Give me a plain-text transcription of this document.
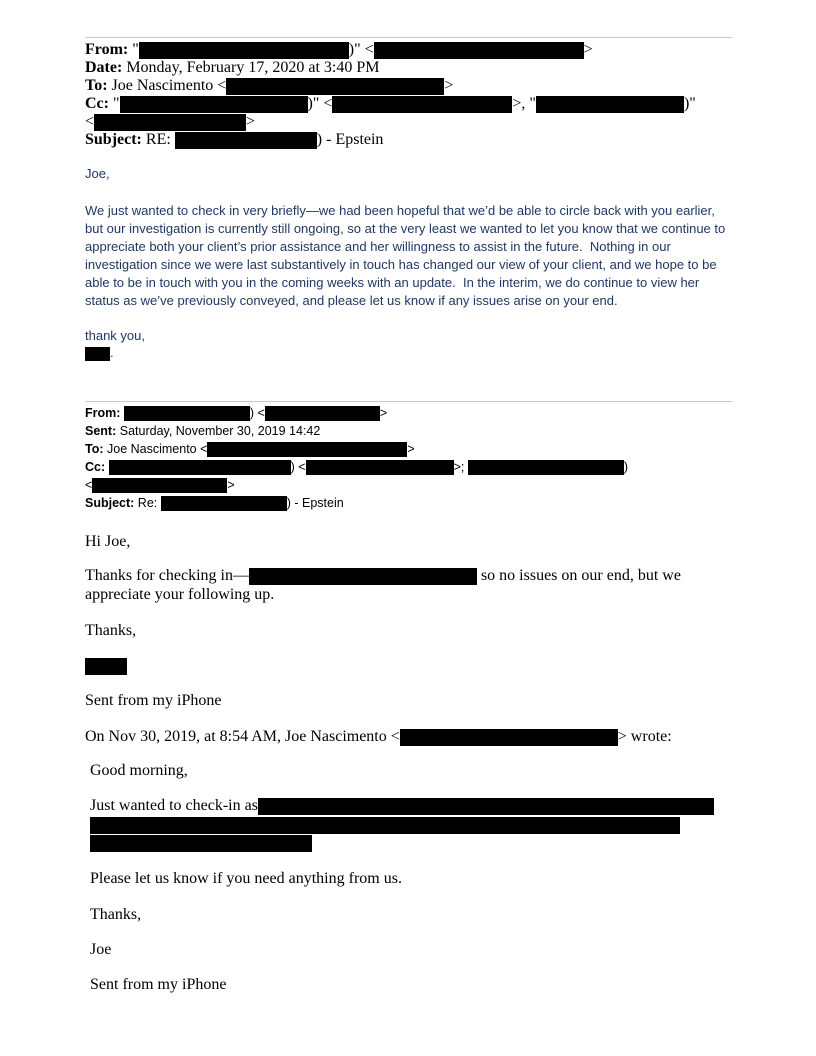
From: "	)" <	>
Date: Monday, February 17, 2020 at 3:40 PM
To: Joe Nascimento <	>
Cc: "	)" <	>, "	)"
<	>
Subject: RE:	) - Epstein
Joe,
We just wanted to check in very briefly—we had been hopeful that we’d be able to circle back with you earlier, but our investigation is currently still ongoing, so at the very least we wanted to let you know that we continue to appreciate both your client’s prior assistance and her willingness to assist in the future.  Nothing in our investigation since we were last substantively in touch has changed our view of your client, and we hope to be able to be in touch with you in the coming weeks with an update.  In the interim, we do continue to view her status as we’ve previously conveyed, and please let us know if any issues arise on your end.
thank you,
.
From:	) <	>
Sent: Saturday, November 30, 2019 14:42
To: Joe Nascimento <	>
Cc:	) <	>;	)
<	>
Subject: Re:	) - Epstein
Hi Joe,
Thanks for checking in—	so no issues on our end, but we
appreciate your following up.
Thanks,
Sent from my iPhone
On Nov 30, 2019, at 8:54 AM, Joe Nascimento <	> wrote:
Good morning,
Just wanted to check-in as
Please let us know if you need anything from us.
Thanks,
Joe
Sent from my iPhone
